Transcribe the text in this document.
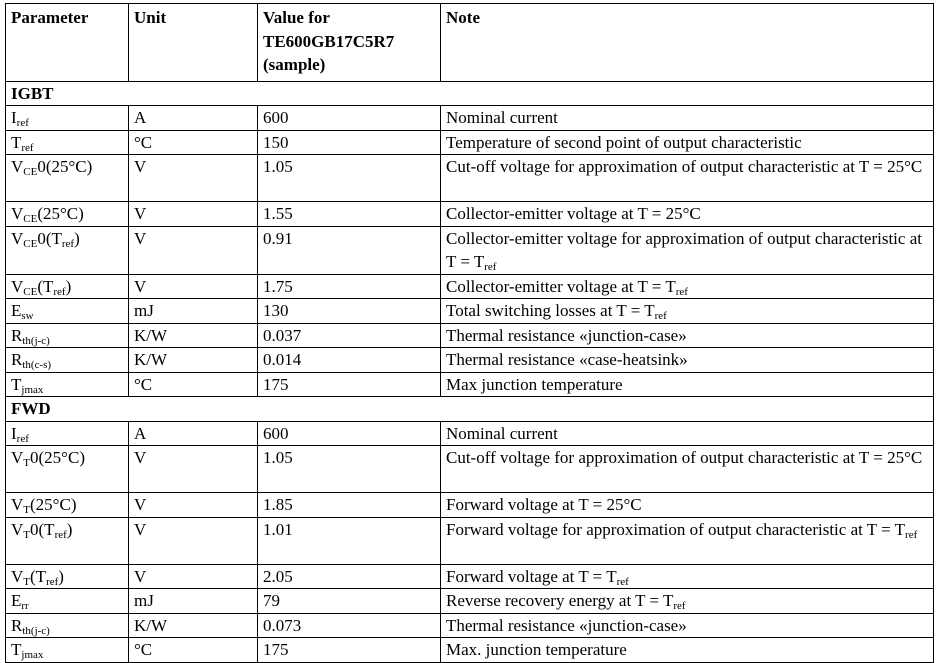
Parameter	Unit	Value for TE600GB17C5R7 (sample)	Note
IGBT			
$I_{ref}$	A	600	Nominal current
$T_{ref}$	°C	150	Temperature of second point of output characteristic
$V_{CE}0(25^\circ C)$	V	1.05	Cut-off voltage for approximation of output characteristic at T = 25°C
$V_{CE}(25^\circ C)$	V	1.55	Collector-emitter voltage at T = 25°C
$V_{CE}0(T_{ref})$	V	0.91	Collector-emitter voltage for approximation of output characteristic at $T = T_{ref}$
$V_{CE}(T_{ref})$	V	1.75	Collector-emitter voltage at $T = T_{ref}$
$E_{sw}$	mJ	130	Total switching losses at $T = T_{ref}$
$R_{th(j-c)}$	K/W	0.037	Thermal resistance «junction-case»
$R_{th(c-s)}$	K/W	0.014	Thermal resistance «case-heatsink»
$T_{jmax}$	°C	175	Max junction temperature
FWD			
$I_{ref}$	A	600	Nominal current
$V_T0(25^\circ C)$	V	1.05	Cut-off voltage for approximation of output characteristic at T = 25°C
$V_T(25^\circ C)$	V	1.85	Forward voltage at T = 25°C
$V_T0(T_{ref})$	V	1.01	Forward voltage for approximation of output characteristic at $T = T_{ref}$
$V_T(T_{ref})$	V	2.05	Forward voltage at $T = T_{ref}$
$E_{rr}$	mJ	79	Reverse recovery energy at $T = T_{ref}$
$R_{th(j-c)}$	K/W	0.073	Thermal resistance «junction-case»
$T_{jmax}$	°C	175	Max. junction temperature
